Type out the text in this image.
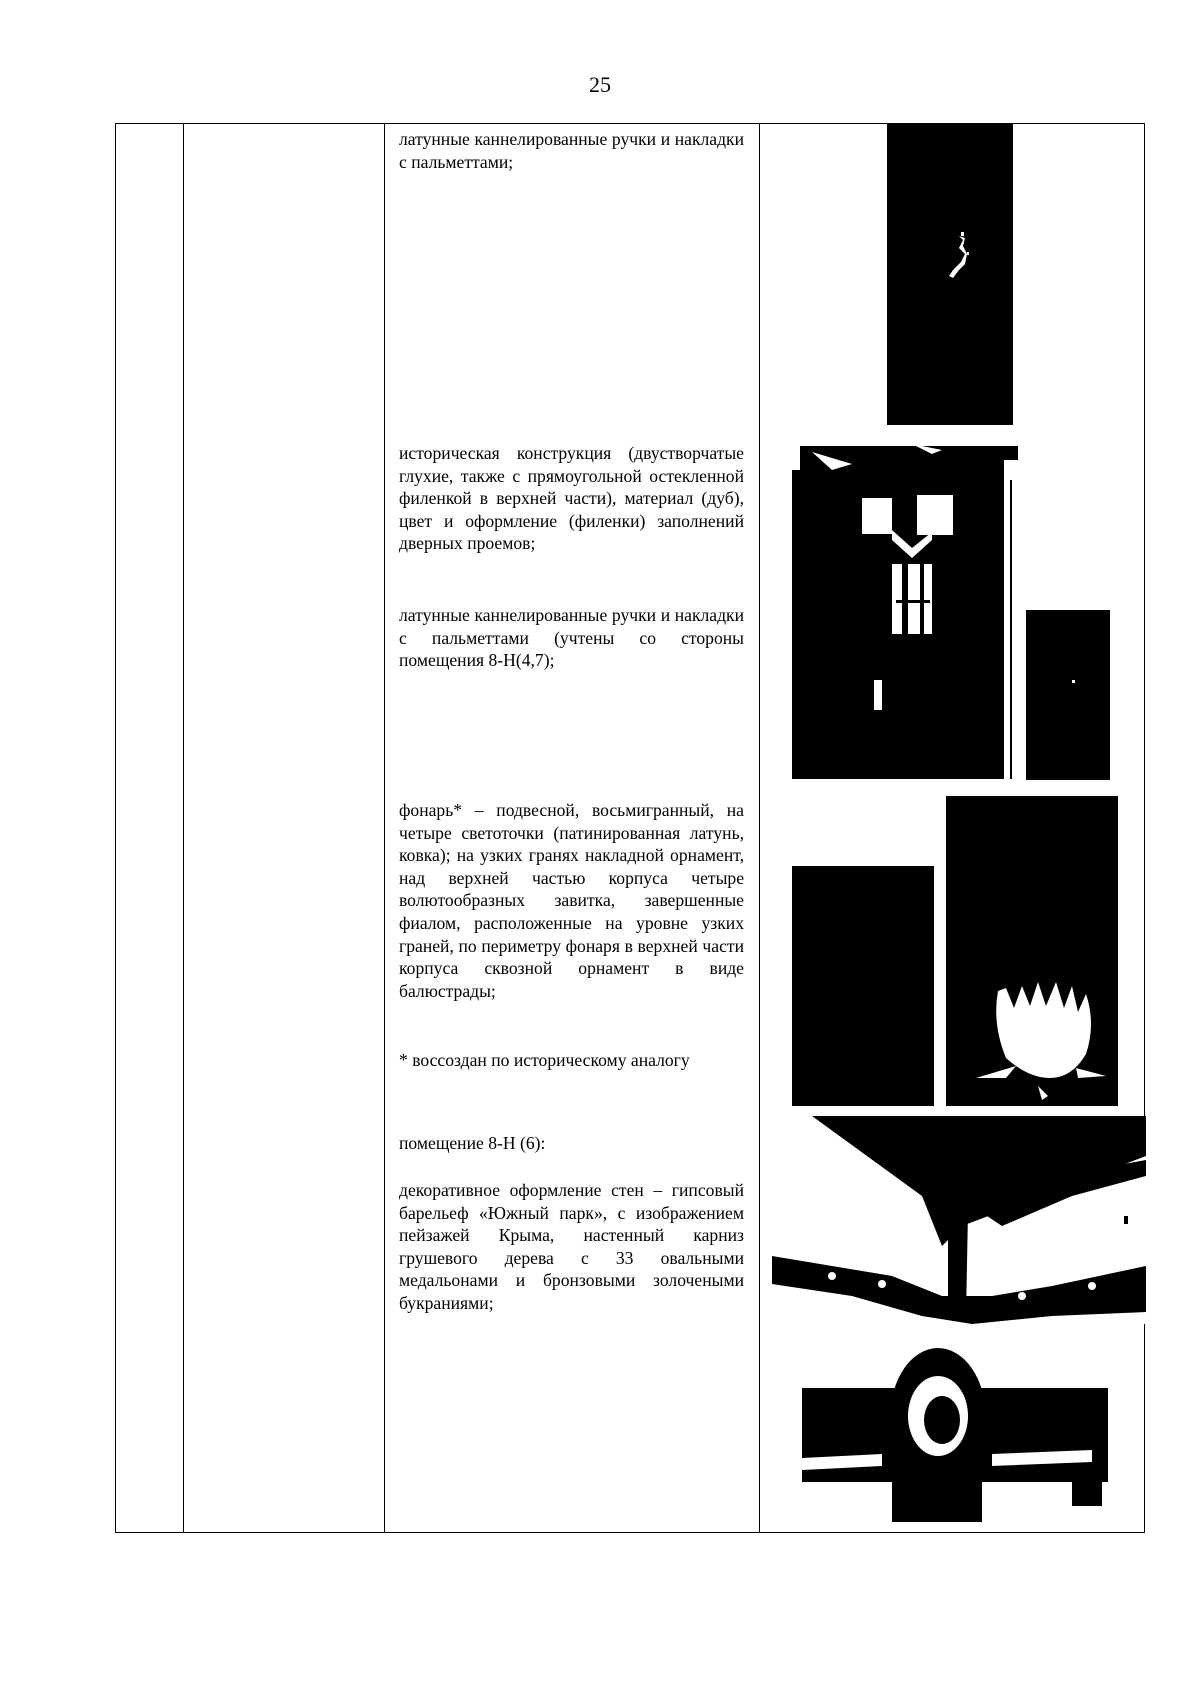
25

латунные каннелированные ручки и накладки с пальметтами;

историческая конструкция (двустворчатые глухие, также с прямоугольной остекленной филенкой в верхней части), материал (дуб), цвет и оформление (филенки) заполнений дверных проемов;

латунные каннелированные ручки и накладки с пальметтами (учтены со стороны помещения 8-Н(4,7);

фонарь* – подвесной, восьмигранный, на четыре светоточки (патинированная латунь, ковка); на узких гранях накладной орнамент, над верхней частью корпуса четыре волютообразных завитка, завершенные фиалом, расположенные на уровне узких граней, по периметру фонаря в верхней части корпуса сквозной орнамент в виде балюстрады;

* воссоздан по историческому аналогу

помещение 8-Н (6):

декоративное оформление стен – гипсовый барельеф «Южный парк», с изображением пейзажей Крыма, настенный карниз грушевого дерева с 33 овальными медальонами и бронзовыми золочеными букраниями;
